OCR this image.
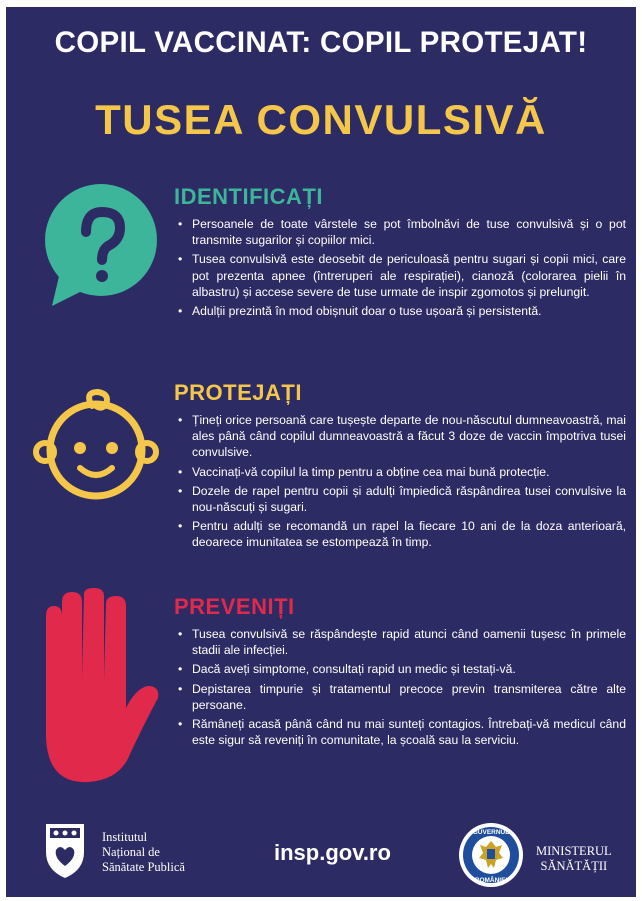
COPIL VACCINAT: COPIL PROTEJAT!
TUSEA CONVULSIVĂ
IDENTIFICAȚI
• Persoanele de toate vârstele se pot îmbolnăvi de tuse convulsivă și o pot transmite sugarilor și copiilor mici.
• Tusea convulsivă este deosebit de periculoasă pentru sugari și copii mici, care pot prezenta apnee (întreruperi ale respirației), cianoză (colorarea pielii în albastru) și accese severe de tuse urmate de inspir zgomotos și prelungit.
• Adulții prezintă în mod obișnuit doar o tuse ușoară și persistentă.
PROTEJAȚI
• Țineți orice persoană care tușește departe de nou-născutul dumneavoastră, mai ales până când copilul dumneavoastră a făcut 3 doze de vaccin împotriva tusei convulsive.
• Vaccinați-vă copilul la timp pentru a obține cea mai bună protecție.
• Dozele de rapel pentru copii și adulți împiedică răspândirea tusei convulsive la nou-născuți și sugari.
• Pentru adulți se recomandă un rapel la fiecare 10 ani de la doza anterioară, deoarece imunitatea se estompează în timp.
PREVENIȚI
• Tusea convulsivă se răspândește rapid atunci când oamenii tușesc în primele stadii ale infecției.
• Dacă aveți simptome, consultați rapid un medic și testați-vă.
• Depistarea timpurie și tratamentul precoce previn transmiterea către alte persoane.
• Rămâneți acasă până când nu mai sunteți contagios. Întrebați-vă medicul când este sigur să reveniți în comunitate, la școală sau la serviciu.
Institutul
Național de
Sănătate Publică
insp.gov.ro
GUVERNUL
ROMÂNIEI
MINISTERUL
SĂNĂTĂȚII
